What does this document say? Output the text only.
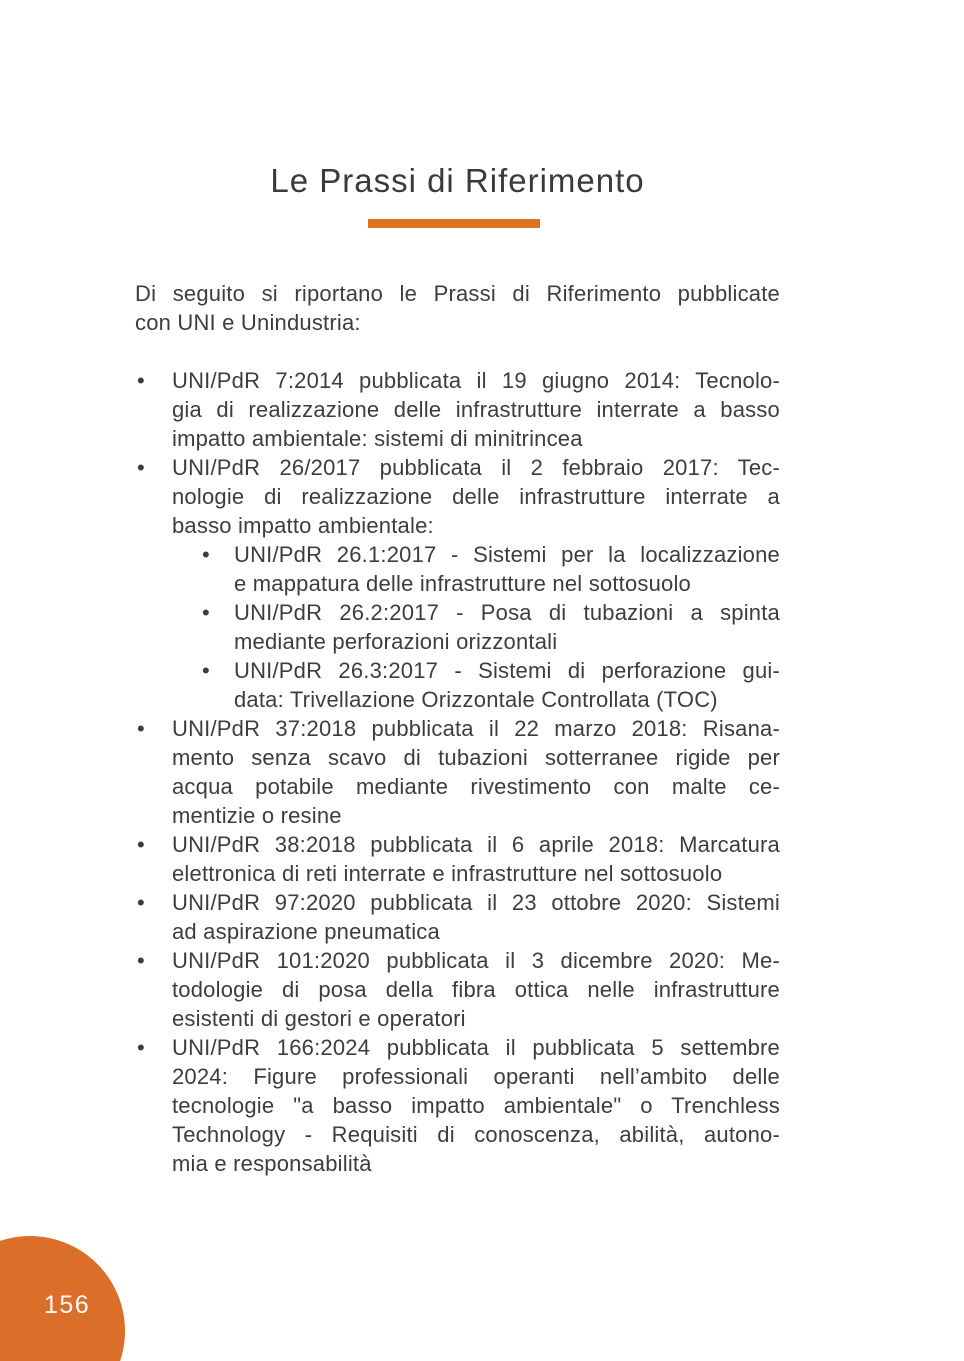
Le Prassi di Riferimento
Di seguito si riportano le Prassi di Riferimento pubblicate
con UNI e Unindustria:
• UNI/PdR 7:2014 pubblicata il 19 giugno 2014: Tecnolo-
gia di realizzazione delle infrastrutture interrate a basso
impatto ambientale: sistemi di minitrincea
• UNI/PdR 26/2017 pubblicata il 2 febbraio 2017: Tec-
nologie di realizzazione delle infrastrutture interrate a
basso impatto ambientale:
• UNI/PdR 26.1:2017 - Sistemi per la localizzazione
e mappatura delle infrastrutture nel sottosuolo
• UNI/PdR 26.2:2017 - Posa di tubazioni a spinta
mediante perforazioni orizzontali
• UNI/PdR 26.3:2017 - Sistemi di perforazione gui-
data: Trivellazione Orizzontale Controllata (TOC)
• UNI/PdR 37:2018 pubblicata il 22 marzo 2018: Risana-
mento senza scavo di tubazioni sotterranee rigide per
acqua potabile mediante rivestimento con malte ce-
mentizie o resine
• UNI/PdR 38:2018 pubblicata il 6 aprile 2018: Marcatura
elettronica di reti interrate e infrastrutture nel sottosuolo
• UNI/PdR 97:2020 pubblicata il 23 ottobre 2020: Sistemi
ad aspirazione pneumatica
• UNI/PdR 101:2020 pubblicata il 3 dicembre 2020: Me-
todologie di posa della fibra ottica nelle infrastrutture
esistenti di gestori e operatori
• UNI/PdR 166:2024 pubblicata il pubblicata 5 settembre
2024: Figure professionali operanti nell’ambito delle
tecnologie "a basso impatto ambientale" o Trenchless
Technology - Requisiti di conoscenza, abilità, autono-
mia e responsabilità
156
